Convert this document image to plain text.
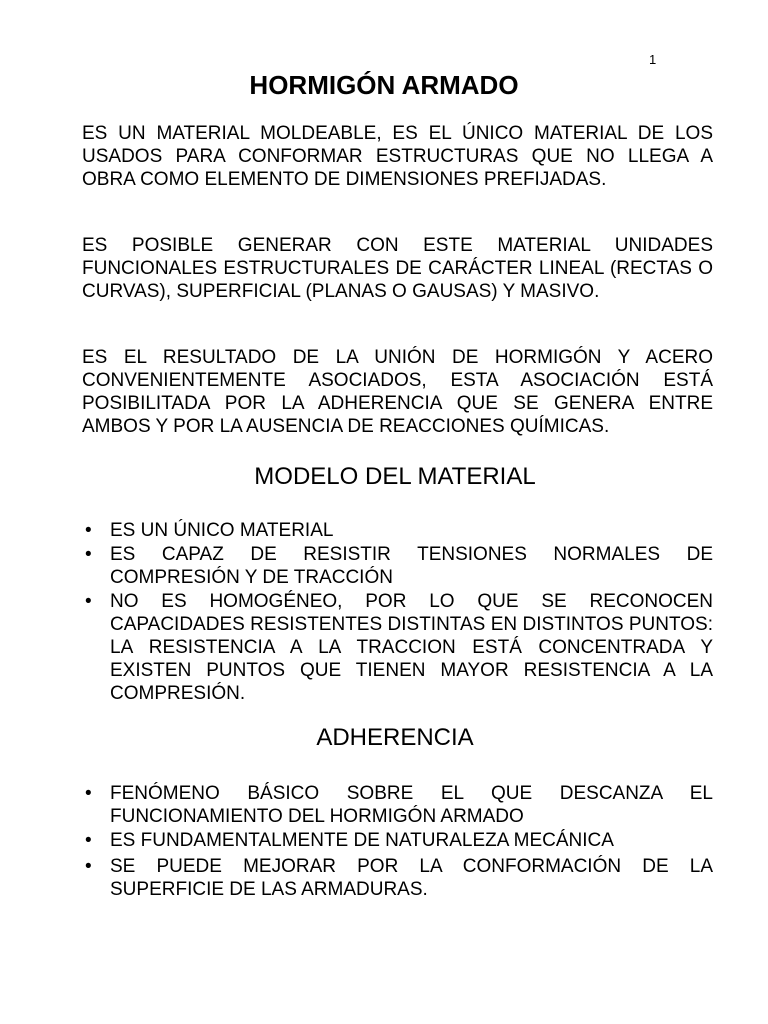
1
HORMIGÓN ARMADO

ES UN MATERIAL MOLDEABLE, ES EL ÚNICO MATERIAL DE LOS USADOS PARA CONFORMAR ESTRUCTURAS QUE NO LLEGA A OBRA COMO ELEMENTO DE DIMENSIONES PREFIJADAS.

ES POSIBLE GENERAR CON ESTE MATERIAL UNIDADES FUNCIONALES ESTRUCTURALES DE CARÁCTER LINEAL (RECTAS O CURVAS), SUPERFICIAL (PLANAS O GAUSAS) Y MASIVO.

ES EL RESULTADO DE LA UNIÓN DE HORMIGÓN Y ACERO CONVENIENTEMENTE ASOCIADOS, ESTA ASOCIACIÓN ESTÁ POSIBILITADA POR LA ADHERENCIA QUE SE GENERA ENTRE AMBOS Y POR LA AUSENCIA DE REACCIONES QUÍMICAS.

MODELO DEL MATERIAL
• ES UN ÚNICO MATERIAL
• ES CAPAZ DE RESISTIR TENSIONES NORMALES DE COMPRESIÓN Y DE TRACCIÓN
• NO ES HOMOGÉNEO, POR LO QUE SE RECONOCEN CAPACIDADES RESISTENTES DISTINTAS EN DISTINTOS PUNTOS: LA RESISTENCIA A LA TRACCION ESTÁ CONCENTRADA Y EXISTEN PUNTOS QUE TIENEN MAYOR RESISTENCIA A LA COMPRESIÓN.
ADHERENCIA
• FENÓMENO BÁSICO SOBRE EL QUE DESCANZA EL FUNCIONAMIENTO DEL HORMIGÓN ARMADO
• ES FUNDAMENTALMENTE DE NATURALEZA MECÁNICA
• SE PUEDE MEJORAR POR LA CONFORMACIÓN DE LA SUPERFICIE DE LAS ARMADURAS.
